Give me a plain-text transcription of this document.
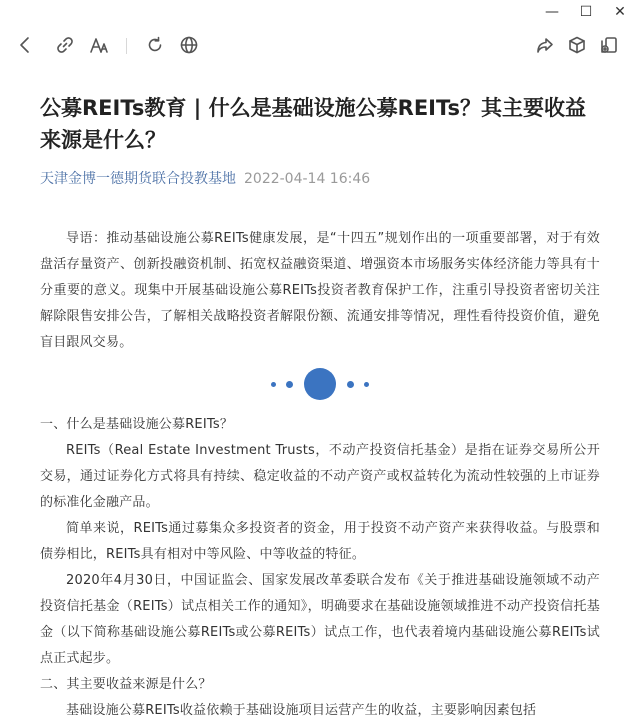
—	☐	✕
公募REITs教育 | 什么是基础设施公募REITs？其主要收益来源是什么？
天津金博一德期货联合投教基地 2022-04-14 16:46

导语：推动基础设施公募REITs健康发展，是“十四五”规划作出的一项重要部署，对于有效盘活存量资产、创新投融资机制、拓宽权益融资渠道、增强资本市场服务实体经济能力等具有十分重要的意义。现集中开展基础设施公募REITs投资者教育保护工作，注重引导投资者密切关注解除限售安排公告，了解相关战略投资者解限份额、流通安排等情况，理性看待投资价值，避免盲目跟风交易。

一、什么是基础设施公募REITs？

REITs（Real Estate Investment Trusts，不动产投资信托基金）是指在证券交易所公开交易，通过证券化方式将具有持续、稳定收益的不动产资产或权益转化为流动性较强的上市证券的标准化金融产品。

简单来说，REITs通过募集众多投资者的资金，用于投资不动产资产来获得收益。与股票和债券相比，REITs具有相对中等风险、中等收益的特征。

2020年4月30日，中国证监会、国家发展改革委联合发布《关于推进基础设施领域不动产投资信托基金（REITs）试点相关工作的通知》，明确要求在基础设施领域推进不动产投资信托基金（以下简称基础设施公募REITs或公募REITs）试点工作，也代表着境内基础设施公募REITs试点正式起步。

二、其主要收益来源是什么？

基础设施公募REITs收益依赖于基础设施项目运营产生的收益，主要影响因素包括
